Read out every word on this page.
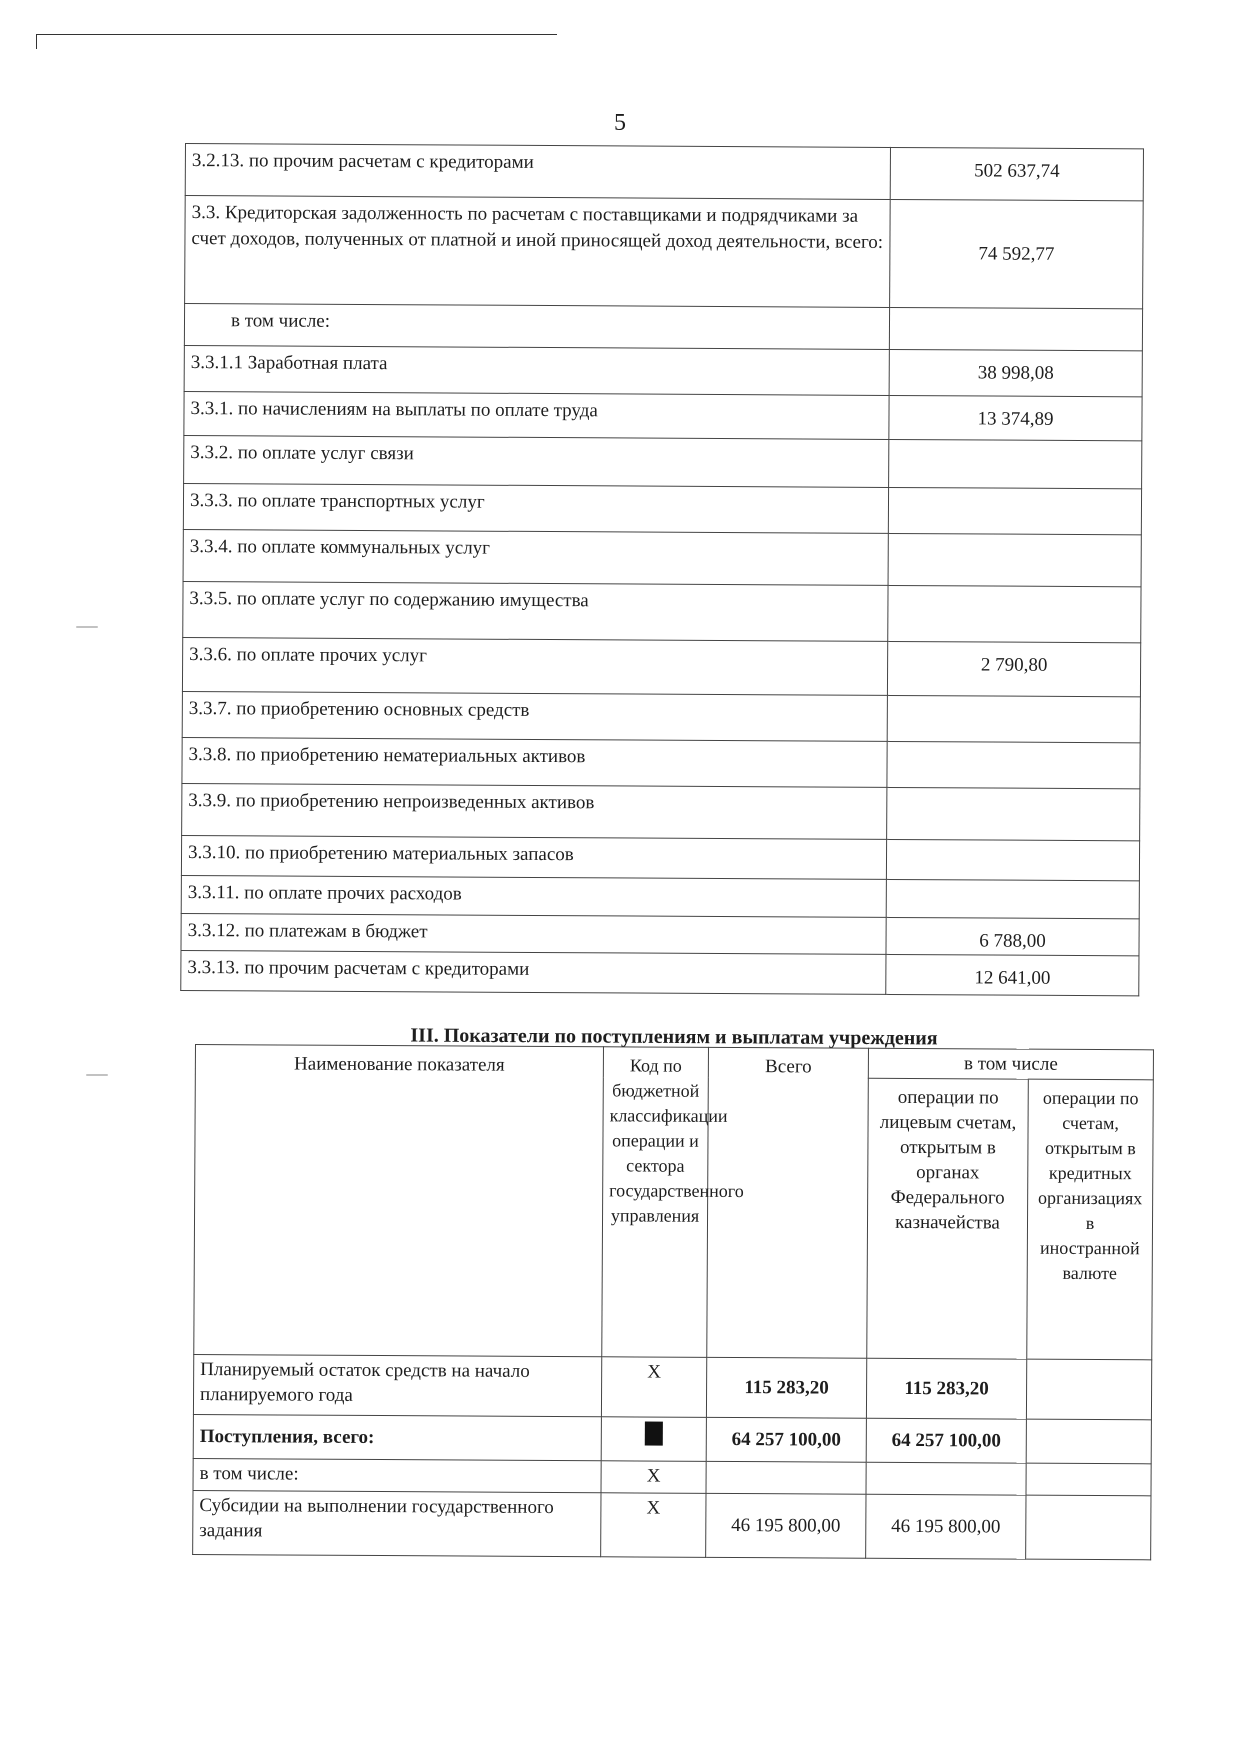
5
3.2.13. по прочим расчетам с кредиторами	502 637,74
3.3. Кредиторская задолженность по расчетам с поставщиками и подрядчиками за счет доходов, полученных от платной и иной приносящей доход деятельности, всего:	74 592,77
в том числе:	
3.3.1.1 Заработная плата	38 998,08
3.3.1. по начислениям на выплаты по оплате труда	13 374,89
3.3.2. по оплате услуг связи	
3.3.3. по оплате транспортных услуг	
3.3.4. по оплате коммунальных услуг	
3.3.5. по оплате услуг по содержанию имущества	
3.3.6. по оплате прочих услуг	2 790,80
3.3.7. по приобретению основных средств	
3.3.8. по приобретению нематериальных активов	
3.3.9. по приобретению непроизведенных активов	
3.3.10. по приобретению материальных запасов	
3.3.11. по оплате прочих расходов	
3.3.12. по платежам в бюджет	6 788,00
3.3.13. по прочим расчетам с кредиторами	12 641,00
III. Показатели по поступлениям и выплатам учреждения
Наименование показателя	Код по бюджетной классификации операции и сектора государственного управления	Всего	в том числе	
			операции по лицевым счетам, открытым в органах Федерального казначейства	операции по счетам, открытым в кредитных организациях в иностранной валюте
Планируемый остаток средств на начало планируемого года	Х	115 283,20	115 283,20	
Поступления, всего:		64 257 100,00	64 257 100,00	
в том числе:	Х			
Субсидии на выполнении государственного задания	Х	46 195 800,00	46 195 800,00	
